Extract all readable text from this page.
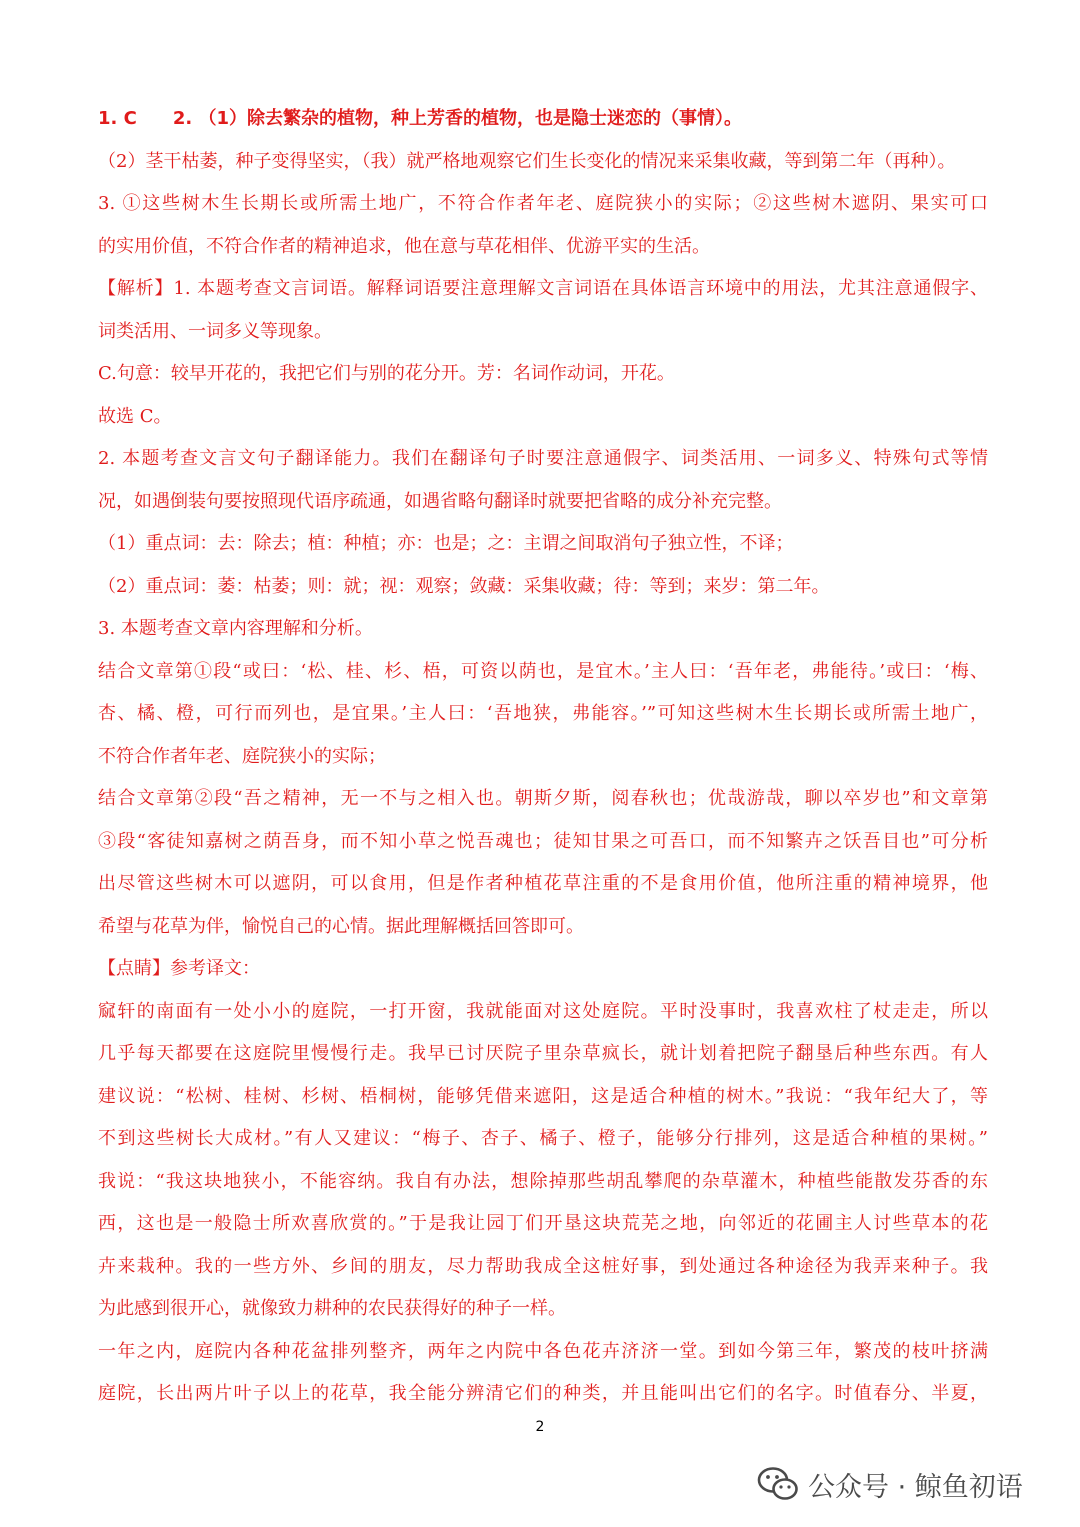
1. C　　2. （1）除去繁杂的植物，种上芳香的植物，也是隐士迷恋的（事情）。
（2）茎干枯萎，种子变得坚实，（我）就严格地观察它们生长变化的情况来采集收藏，等到第二年（再种）。
3. ①这些树木生长期长或所需土地广，不符合作者年老、庭院狭小的实际；②这些树木遮阴、果实可口
的实用价值，不符合作者的精神追求，他在意与草花相伴、优游平实的生活。
【解析】1. 本题考查文言词语。解释词语要注意理解文言词语在具体语言环境中的用法，尤其注意通假字、
词类活用、一词多义等现象。
C.句意：较早开花的，我把它们与别的花分开。芳：名词作动词，开花。
故选 C。
2. 本题考查文言文句子翻译能力。我们在翻译句子时要注意通假字、词类活用、一词多义、特殊句式等情
况，如遇倒装句要按照现代语序疏通，如遇省略句翻译时就要把省略的成分补充完整。
（1）重点词：去：除去；植：种植；亦：也是；之：主谓之间取消句子独立性，不译；
（2）重点词：萎：枯萎；则：就；视：观察；敛藏：采集收藏；待：等到；来岁：第二年。
3. 本题考查文章内容理解和分析。
结合文章第①段“或曰：‘松、桂、杉、梧，可资以荫也，是宜木。’主人曰：‘吾年老，弗能待。’或曰：‘梅、
杏、橘、橙，可行而列也，是宜果。’主人曰：‘吾地狭，弗能容。’”可知这些树木生长期长或所需土地广，
不符合作者年老、庭院狭小的实际；
结合文章第②段“吾之精神，无一不与之相入也。朝斯夕斯，阅春秋也；优哉游哉，聊以卒岁也”和文章第
③段“客徒知嘉树之荫吾身，而不知小草之悦吾魂也；徒知甘果之可吾口，而不知繁卉之饫吾目也”可分析
出尽管这些树木可以遮阴，可以食用，但是作者种植花草注重的不是食用价值，他所注重的精神境界，他
希望与花草为伴，愉悦自己的心情。据此理解概括回答即可。
【点睛】参考译文：
窳轩的南面有一处小小的庭院，一打开窗，我就能面对这处庭院。平时没事时，我喜欢柱了杖走走，所以
几乎每天都要在这庭院里慢慢行走。我早已讨厌院子里杂草疯长，就计划着把院子翻垦后种些东西。有人
建议说：“松树、桂树、杉树、梧桐树，能够凭借来遮阳，这是适合种植的树木。”我说：“我年纪大了，等
不到这些树长大成材。”有人又建议：“梅子、杏子、橘子、橙子，能够分行排列，这是适合种植的果树。”
我说：“我这块地狭小，不能容纳。我自有办法，想除掉那些胡乱攀爬的杂草灌木，种植些能散发芬香的东
西，这也是一般隐士所欢喜欣赏的。”于是我让园丁们开垦这块荒芜之地，向邻近的花圃主人讨些草本的花
卉来栽种。我的一些方外、乡间的朋友，尽力帮助我成全这桩好事，到处通过各种途径为我弄来种子。我
为此感到很开心，就像致力耕种的农民获得好的种子一样。
一年之内，庭院内各种花盆排列整齐，两年之内院中各色花卉济济一堂。到如今第三年，繁茂的枝叶挤满
庭院，长出两片叶子以上的花草，我全能分辨清它们的种类，并且能叫出它们的名字。时值春分、半夏，
2
公众号 · 鲸鱼初语
